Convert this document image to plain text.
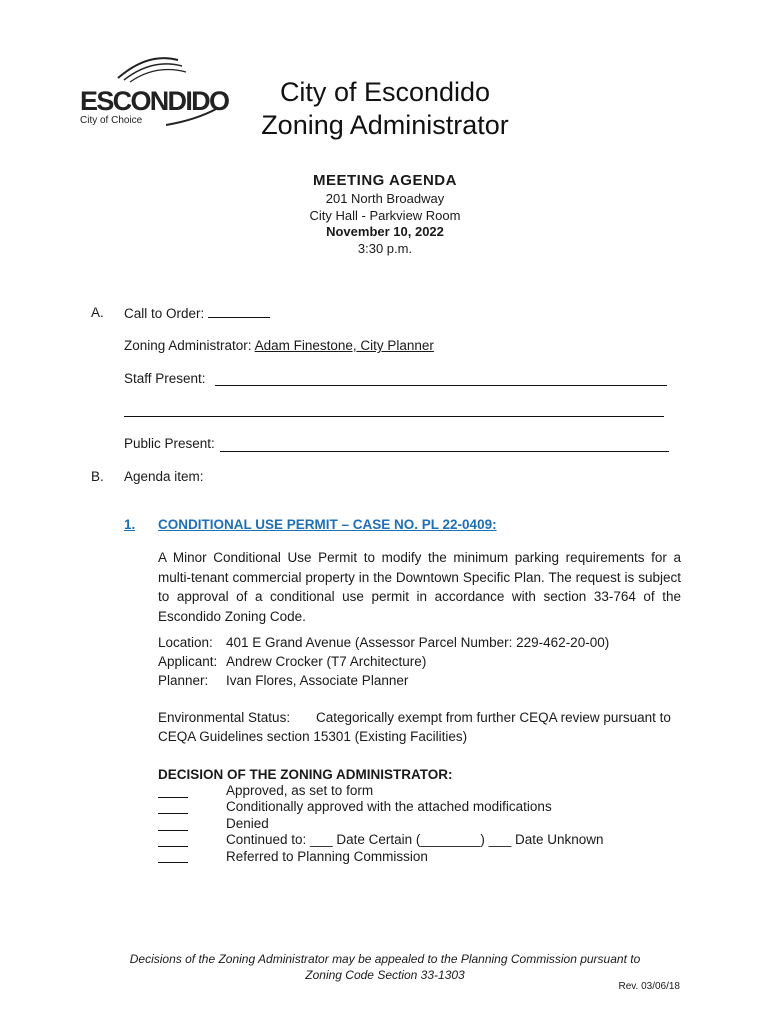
ESCONDIDO
City of Choice
City of Escondido
Zoning Administrator
MEETING AGENDA
201 North Broadway
City Hall - Parkview Room
November 10, 2022
3:30 p.m.
A. Call to Order:
Zoning Administrator: Adam Finestone, City Planner
Staff Present:
Public Present:
B. Agenda item:
1. CONDITIONAL USE PERMIT – CASE NO. PL 22-0409:
A Minor Conditional Use Permit to modify the minimum parking requirements for a multi-tenant commercial property in the Downtown Specific Plan. The request is subject to approval of a conditional use permit in accordance with section 33-764 of the Escondido Zoning Code.
Location: 401 E Grand Avenue (Assessor Parcel Number: 229-462-20-00)
Applicant: Andrew Crocker (T7 Architecture)
Planner: Ivan Flores, Associate Planner
Environmental Status: Categorically exempt from further CEQA review pursuant to
CEQA Guidelines section 15301 (Existing Facilities)
DECISION OF THE ZONING ADMINISTRATOR:
Approved, as set to form
Conditionally approved with the attached modifications
Denied
Continued to: ___ Date Certain (________) ___ Date Unknown
Referred to Planning Commission
Decisions of the Zoning Administrator may be appealed to the Planning Commission pursuant to
Zoning Code Section 33-1303
Rev. 03/06/18
